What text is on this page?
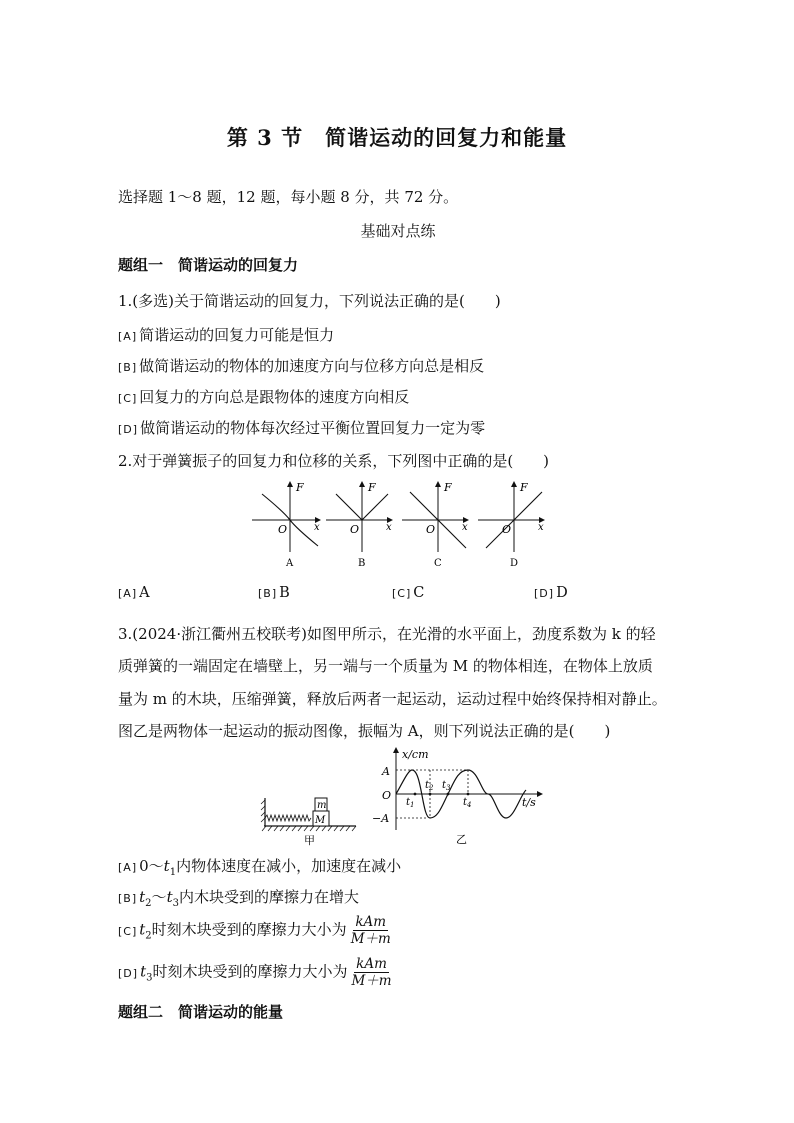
第 3 节　简谐运动的回复力和能量
选择题 1～8 题，12 题，每小题 8 分，共 72 分。
基础对点练
题组一　简谐运动的回复力
1.(多选)关于简谐运动的回复力，下列说法正确的是(　　)
[A] 简谐运动的回复力可能是恒力
[B] 做简谐运动的物体的加速度方向与位移方向总是相反
[C] 回复力的方向总是跟物体的速度方向相反
[D] 做简谐运动的物体每次经过平衡位置回复力一定为零
2.对于弹簧振子的回复力和位移的关系，下列图中正确的是(　　)
F
x
O
A
F
x
O
B
F
x
O
C
F
x
O
D
[A] A	[B] B	[C] C	[D] D
3.(2024·浙江衢州五校联考)如图甲所示，在光滑的水平面上，劲度系数为 k 的轻
质弹簧的一端固定在墙壁上，另一端与一个质量为 M 的物体相连，在物体上放质
量为 m 的木块，压缩弹簧，释放后两者一起运动，运动过程中始终保持相对静止。
图乙是两物体一起运动的振动图像，振幅为 A，则下列说法正确的是(　　)
m
M
甲
x/cm
A
O
−A
t/s
$t_1$
$t_2$ $t_3$
$t_4$
乙
[A] $0\sim t_1$内物体速度在减小，加速度在减小
[B] $t_2\sim t_3$内木块受到的摩擦力在增大
[C] $t_2$时刻木块受到的摩擦力大小为 $\frac{\text{kAm}}{M+m}$
[D] $t_3$时刻木块受到的摩擦力大小为 $\frac{\text{kAm}}{M+m}$
题组二　简谐运动的能量
